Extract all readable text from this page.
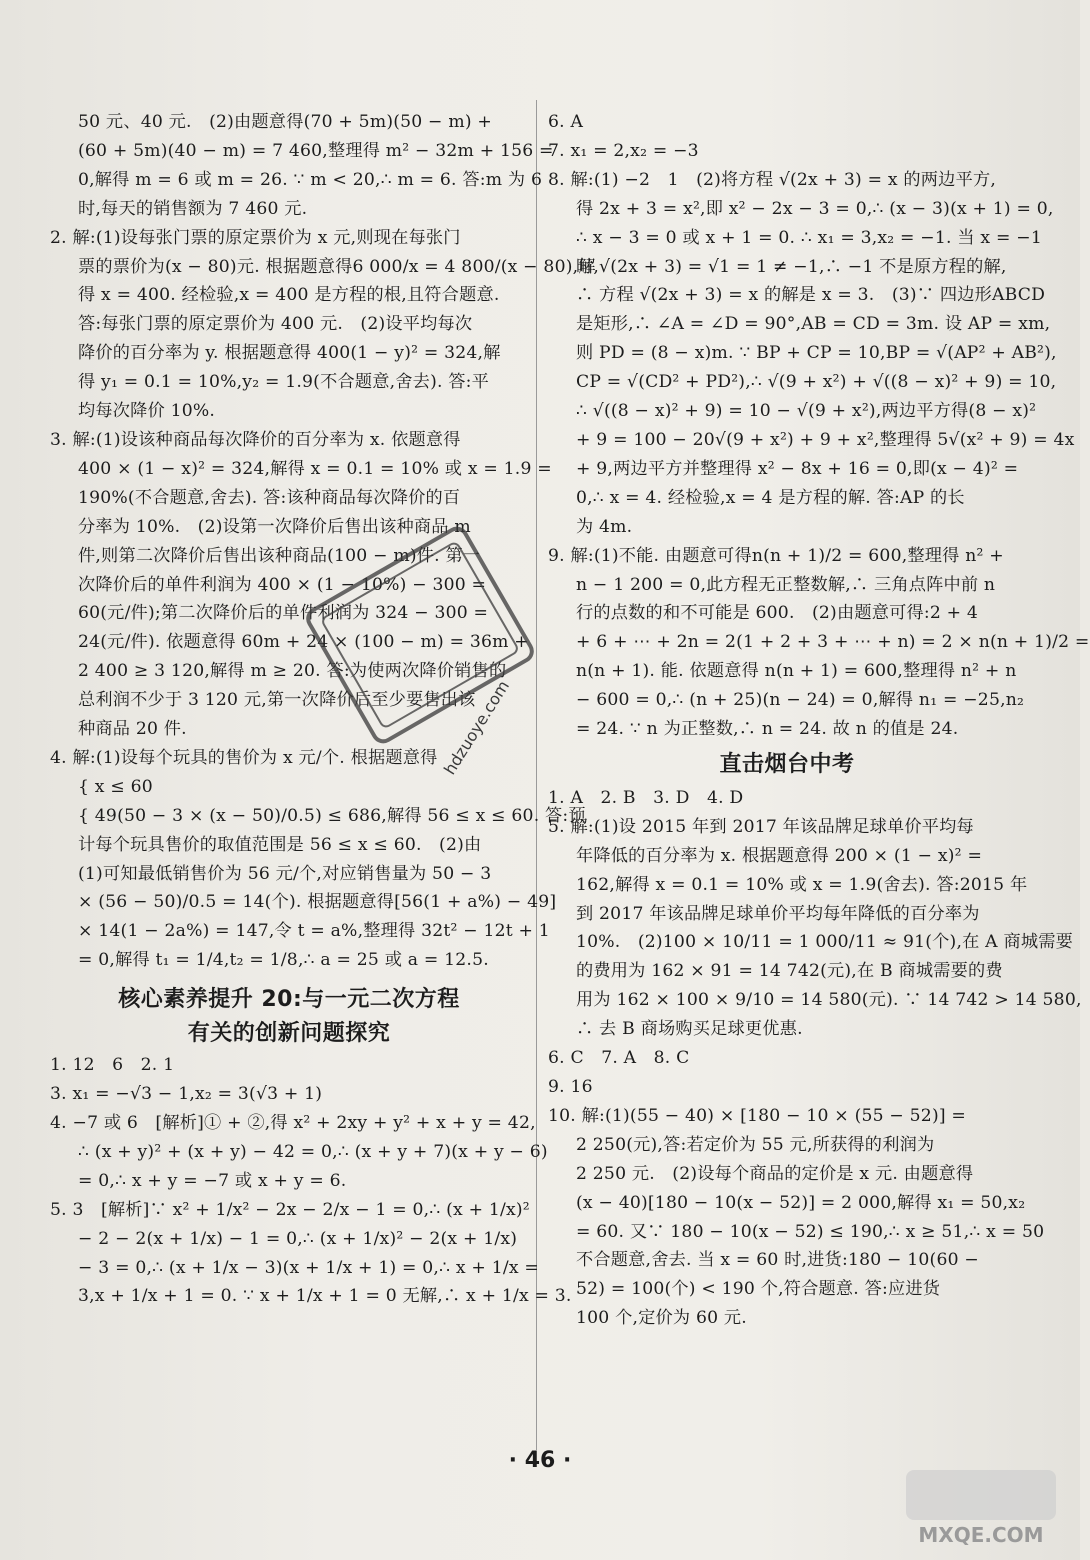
50 元、40 元.　(2)由题意得(70 + 5m)(50 − m) +
(60 + 5m)(40 − m) = 7 460,整理得 m² − 32m + 156 =
0,解得 m = 6 或 m = 26. ∵ m < 20,∴ m = 6. 答:m 为 6
时,每天的销售额为 7 460 元.
2. 解:(1)设每张门票的原定票价为 x 元,则现在每张门
票的票价为(x − 80)元. 根据题意得6 000/x = 4 800/(x − 80),解
得 x = 400. 经检验,x = 400 是方程的根,且符合题意.
答:每张门票的原定票价为 400 元.　(2)设平均每次
降价的百分率为 y. 根据题意得 400(1 − y)² = 324,解
得 y₁ = 0.1 = 10%,y₂ = 1.9(不合题意,舍去). 答:平
均每次降价 10%.
3. 解:(1)设该种商品每次降价的百分率为 x. 依题意得
400 × (1 − x)² = 324,解得 x = 0.1 = 10% 或 x = 1.9 =
190%(不合题意,舍去). 答:该种商品每次降价的百
分率为 10%.　(2)设第一次降价后售出该种商品 m
件,则第二次降价后售出该种商品(100 − m)件. 第一
次降价后的单件利润为 400 × (1 − 10%) − 300 =
60(元/件);第二次降价后的单件利润为 324 − 300 =
24(元/件). 依题意得 60m + 24 × (100 − m) = 36m +
2 400 ≥ 3 120,解得 m ≥ 20. 答:为使两次降价销售的
总利润不少于 3 120 元,第一次降价后至少要售出该
种商品 20 件.
4. 解:(1)设每个玩具的售价为 x 元/个. 根据题意得
{ x ≤ 60
{ 49(50 − 3 × (x − 50)/0.5) ≤ 686,解得 56 ≤ x ≤ 60. 答:预
计每个玩具售价的取值范围是 56 ≤ x ≤ 60.　(2)由
(1)可知最低销售价为 56 元/个,对应销售量为 50 − 3
× (56 − 50)/0.5 = 14(个). 根据题意得[56(1 + a%) − 49]
× 14(1 − 2a%) = 147,令 t = a%,整理得 32t² − 12t + 1
= 0,解得 t₁ = 1/4,t₂ = 1/8,∴ a = 25 或 a = 12.5.
核心素养提升 20:与一元二次方程
有关的创新问题探究
1. 12　6　2. 1
3. x₁ = −√3 − 1,x₂ = 3(√3 + 1)
4. −7 或 6　[解析]① + ②,得 x² + 2xy + y² + x + y = 42,
∴ (x + y)² + (x + y) − 42 = 0,∴ (x + y + 7)(x + y − 6)
= 0,∴ x + y = −7 或 x + y = 6.
5. 3　[解析]∵ x² + 1/x² − 2x − 2/x − 1 = 0,∴ (x + 1/x)²
− 2 − 2(x + 1/x) − 1 = 0,∴ (x + 1/x)² − 2(x + 1/x)
− 3 = 0,∴ (x + 1/x − 3)(x + 1/x + 1) = 0,∴ x + 1/x =
3,x + 1/x + 1 = 0. ∵ x + 1/x + 1 = 0 无解,∴ x + 1/x = 3.
6. A
7. x₁ = 2,x₂ = −3
8. 解:(1) −2　1　(2)将方程 √(2x + 3) = x 的两边平方,
得 2x + 3 = x²,即 x² − 2x − 3 = 0,∴ (x − 3)(x + 1) = 0,
∴ x − 3 = 0 或 x + 1 = 0. ∴ x₁ = 3,x₂ = −1. 当 x = −1
时,√(2x + 3) = √1 = 1 ≠ −1,∴ −1 不是原方程的解,
∴ 方程 √(2x + 3) = x 的解是 x = 3.　(3)∵ 四边形ABCD
是矩形,∴ ∠A = ∠D = 90°,AB = CD = 3m. 设 AP = xm,
则 PD = (8 − x)m. ∵ BP + CP = 10,BP = √(AP² + AB²),
CP = √(CD² + PD²),∴ √(9 + x²) + √((8 − x)² + 9) = 10,
∴ √((8 − x)² + 9) = 10 − √(9 + x²),两边平方得(8 − x)²
+ 9 = 100 − 20√(9 + x²) + 9 + x²,整理得 5√(x² + 9) = 4x
+ 9,两边平方并整理得 x² − 8x + 16 = 0,即(x − 4)² =
0,∴ x = 4. 经检验,x = 4 是方程的解. 答:AP 的长
为 4m.
9. 解:(1)不能. 由题意可得n(n + 1)/2 = 600,整理得 n² +
n − 1 200 = 0,此方程无正整数解,∴ 三角点阵中前 n
行的点数的和不可能是 600.　(2)由题意可得:2 + 4
+ 6 + ⋯ + 2n = 2(1 + 2 + 3 + ⋯ + n) = 2 × n(n + 1)/2 =
n(n + 1). 能. 依题意得 n(n + 1) = 600,整理得 n² + n
− 600 = 0,∴ (n + 25)(n − 24) = 0,解得 n₁ = −25,n₂
= 24. ∵ n 为正整数,∴ n = 24. 故 n 的值是 24.
直击烟台中考
1. A　2. B　3. D　4. D
5. 解:(1)设 2015 年到 2017 年该品牌足球单价平均每
年降低的百分率为 x. 根据题意得 200 × (1 − x)² =
162,解得 x = 0.1 = 10% 或 x = 1.9(舍去). 答:2015 年
到 2017 年该品牌足球单价平均每年降低的百分率为
10%.　(2)100 × 10/11 = 1 000/11 ≈ 91(个),在 A 商城需要
的费用为 162 × 91 = 14 742(元),在 B 商城需要的费
用为 162 × 100 × 9/10 = 14 580(元). ∵ 14 742 > 14 580,
∴ 去 B 商场购买足球更优惠.
6. C　7. A　8. C
9. 16
10. 解:(1)(55 − 40) × [180 − 10 × (55 − 52)] =
2 250(元),答:若定价为 55 元,所获得的利润为
2 250 元.　(2)设每个商品的定价是 x 元. 由题意得
(x − 40)[180 − 10(x − 52)] = 2 000,解得 x₁ = 50,x₂
= 60. 又∵ 180 − 10(x − 52) ≤ 190,∴ x ≥ 51,∴ x = 50
不合题意,舍去. 当 x = 60 时,进货:180 − 10(60 −
52) = 100(个) < 190 个,符合题意. 答:应进货
100 个,定价为 60 元.
· 46 ·
hdzuoye.com
MXQE.COM
